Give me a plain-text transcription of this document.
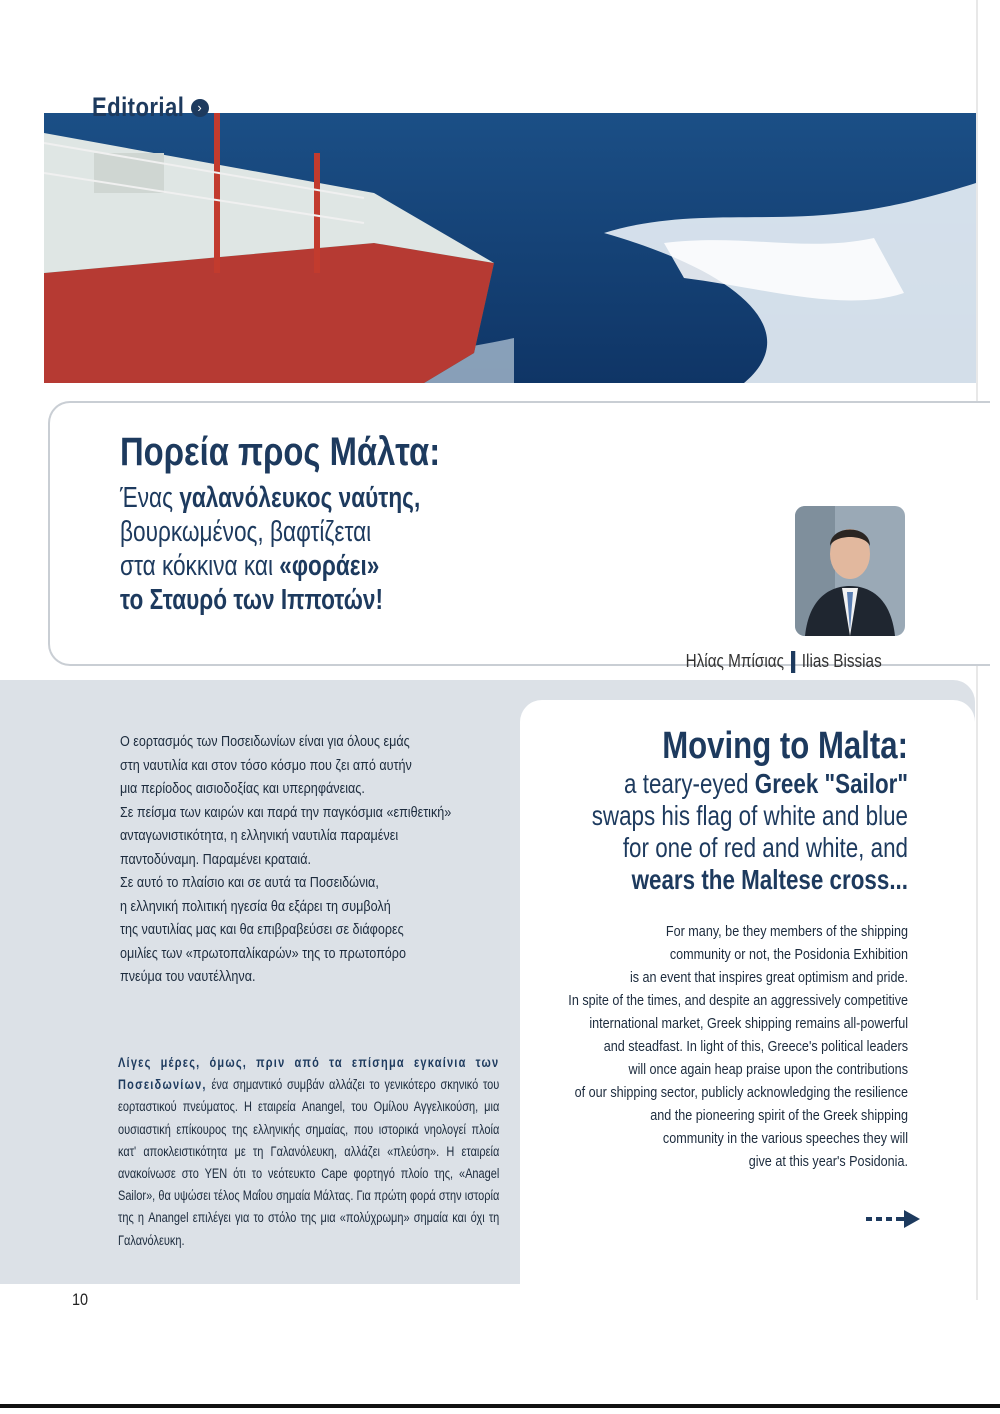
Editorial	›
Πορεία προς Μάλτα:
Ένας γαλανόλευκος ναύτης,
βουρκωμένος, βαφτίζεται
στα κόκκινα και «φοράει»
το Σταυρό των Ιπποτών!
Ηλίας Μπίσιας Ilias Bissias

Ο εορτασμός των Ποσειδωνίων είναι για όλους εμάς

στη ναυτιλία και στον τόσο κόσμο που ζει από αυτήν

μια περίοδος αισιοδοξίας και υπερηφάνειας.

Σε πείσμα των καιρών και παρά την παγκόσμια «επιθετική»

ανταγωνιστικότητα, η ελληνική ναυτιλία παραμένει

παντοδύναμη. Παραμένει κραταιά.

Σε αυτό το πλαίσιο και σε αυτά τα Ποσειδώνια,

η ελληνική πολιτική ηγεσία θα εξάρει τη συμβολή

της ναυτιλίας μας και θα επιβραβεύσει σε διάφορες

ομιλίες των «πρωτοπαλίκαρών» της το πρωτοπόρο

πνεύμα του ναυτέλληνα.

Λίγες μέρες, όμως, πριν από τα επίσημα εγκαίνια των Ποσειδωνίων, ένα σημαντικό συμβάν αλλάζει το γενικότερο σκηνικό του εορταστικού πνεύματος. Η εταιρεία Anangel, του Ομίλου Αγγελικούση, μια ουσιαστική επίκουρος της ελληνικής σημαίας, που ιστορικά νηολογεί πλοία κατ' αποκλειστικότητα με τη Γαλανόλευκη, αλλάζει «πλεύση». Η εταιρεία ανακοίνωσε στο ΥΕΝ ότι το νεότευκτο Cape φορτηγό πλοίο της, «Anagel Sailor», θα υψώσει τέλος Μαΐου σημαία Μάλτας. Για πρώτη φορά στην ιστορία της η Anangel επιλέγει για το στόλο της μια «πολύχρωμη» σημαία και όχι τη Γαλανόλευκη.

Moving to Malta:
a teary-eyed Greek "Sailor"
swaps his flag of white and blue
for one of red and white, and
wears the Maltese cross...

For many, be they members of the shipping

community or not, the Posidonia Exhibition

is an event that inspires great optimism and pride.

In spite of the times, and despite an aggressively competitive

international market, Greek shipping remains all-powerful

and steadfast. In light of this, Greece's political leaders

will once again heap praise upon the contributions

of our shipping sector, publicly acknowledging the resilience

and the pioneering spirit of the Greek shipping

community in the various speeches they will

give at this year's Posidonia.

10
